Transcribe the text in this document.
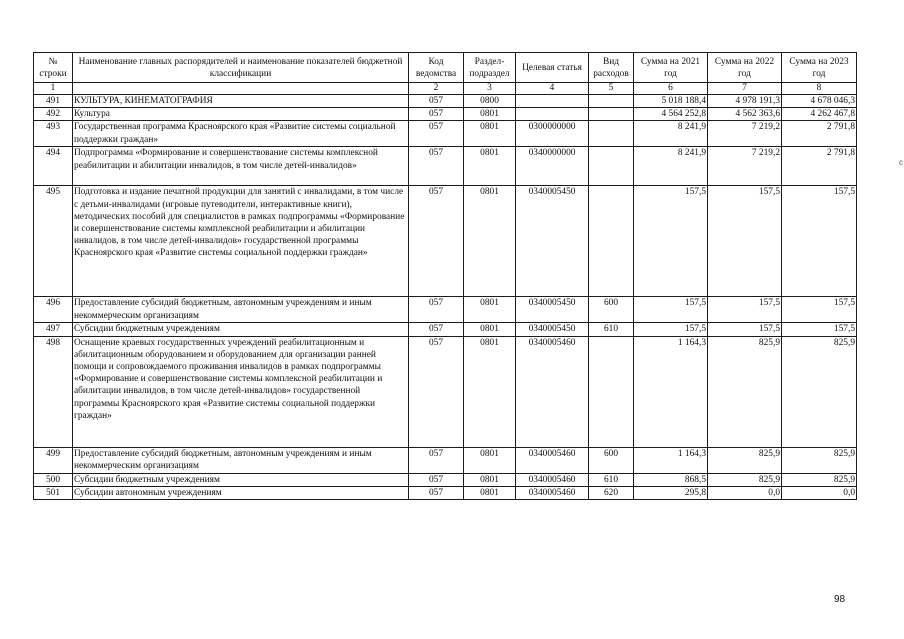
№ строки	Наименование главных распорядителей и наименование показателей бюджетной классификации	Код ведомства	Раздел-подраздел	Целевая статья	Вид расходов	Сумма на 2021 год	Сумма на 2022 год	Сумма на 2023 год
1		2	3	4	5	6	7	8
491	КУЛЬТУРА, КИНЕМАТОГРАФИЯ	057	0800			5 018 188,4	4 978 191,3	4 678 046,3
492	Культура	057	0801			4 564 252,8	4 562 363,6	4 262 467,8
493	Государственная программа Красноярского края «Развитие системы социальной поддержки граждан»	057	0801	0300000000		8 241,9	7 219,2	2 791,8
494	Подпрограмма «Формирование и совершенствование системы комплексной реабилитации и абилитации инвалидов, в том числе детей-инвалидов»	057	0801	0340000000		8 241,9	7 219,2	2 791,8
495	Подготовка и издание печатной продукции для занятий с инвалидами, в том числе с детьми-инвалидами (игровые путеводители, интерактивные книги), методических пособий для специалистов в рамках подпрограммы «Формирование и совершенствование системы комплексной реабилитации и абилитации инвалидов, в том числе детей-инвалидов» государственной программы Красноярского края «Развитие системы социальной поддержки граждан»	057	0801	0340005450		157,5	157,5	157,5
496	Предоставление субсидий бюджетным, автономным учреждениям и иным некоммерческим организациям	057	0801	0340005450	600	157,5	157,5	157,5
497	Субсидии бюджетным учреждениям	057	0801	0340005450	610	157,5	157,5	157,5
498	Оснащение краевых государственных учреждений реабилитационным и абилитационным оборудованием и оборудованием для организации ранней помощи и сопровождаемого проживания инвалидов в рамках подпрограммы «Формирование и совершенствование системы комплексной реабилитации и абилитации инвалидов, в том числе детей-инвалидов» государственной программы Красноярского края «Развитие системы социальной поддержки граждан»	057	0801	0340005460		1 164,3	825,9	825,9
499	Предоставление субсидий бюджетным, автономным учреждениям и иным некоммерческим организациям	057	0801	0340005460	600	1 164,3	825,9	825,9
500	Субсидии бюджетным учреждениям	057	0801	0340005460	610	868,5	825,9	825,9
501	Субсидии автономным учреждениям	057	0801	0340005460	620	295,8	0,0	0,0
с
98
